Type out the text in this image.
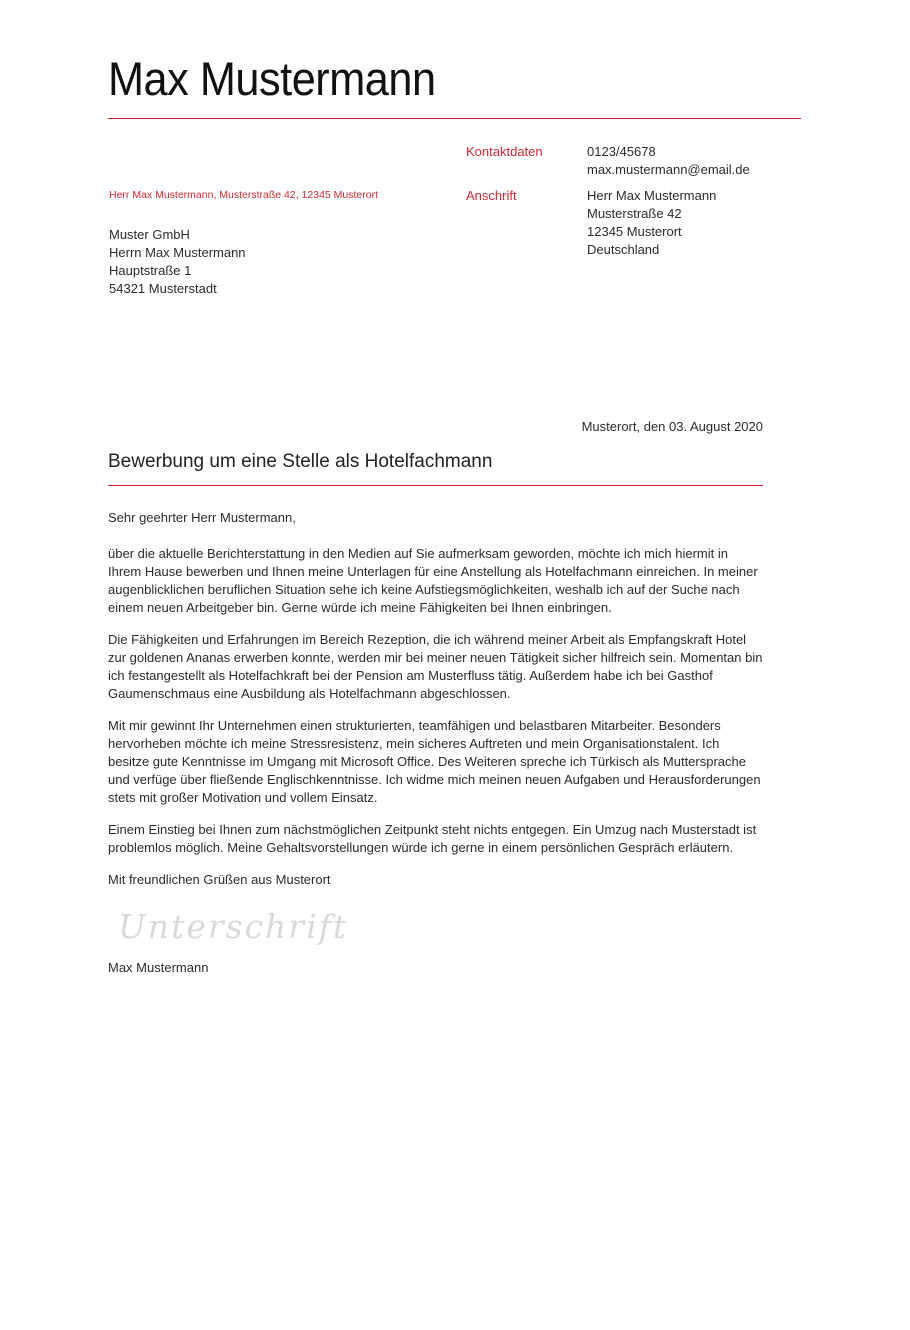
Max Mustermann
Kontaktdaten	0123/45678
max.mustermann@email.de
Anschrift	Herr Max Mustermann
Musterstraße 42
12345 Musterort
Deutschland
Herr Max Mustermann, Musterstraße 42, 12345 Musterort
Muster GmbH
Herrn Max Mustermann
Hauptstraße 1
54321 Musterstadt
Musterort, den 03. August 2020
Bewerbung um eine Stelle als Hotelfachmann
Sehr geehrter Herr Mustermann,
über die aktuelle Berichterstattung in den Medien auf Sie aufmerksam geworden, möchte ich mich hiermit in
Ihrem Hause bewerben und Ihnen meine Unterlagen für eine Anstellung als Hotelfachmann einreichen. In meiner
augenblicklichen beruflichen Situation sehe ich keine Aufstiegsmöglichkeiten, weshalb ich auf der Suche nach
einem neuen Arbeitgeber bin. Gerne würde ich meine Fähigkeiten bei Ihnen einbringen.
Die Fähigkeiten und Erfahrungen im Bereich Rezeption, die ich während meiner Arbeit als Empfangskraft Hotel
zur goldenen Ananas erwerben konnte, werden mir bei meiner neuen Tätigkeit sicher hilfreich sein. Momentan bin
ich festangestellt als Hotelfachkraft bei der Pension am Musterfluss tätig. Außerdem habe ich bei Gasthof
Gaumenschmaus eine Ausbildung als Hotelfachmann abgeschlossen.
Mit mir gewinnt Ihr Unternehmen einen strukturierten, teamfähigen und belastbaren Mitarbeiter. Besonders
hervorheben möchte ich meine Stressresistenz, mein sicheres Auftreten und mein Organisationstalent. Ich
besitze gute Kenntnisse im Umgang mit Microsoft Office. Des Weiteren spreche ich Türkisch als Muttersprache
und verfüge über fließende Englischkenntnisse. Ich widme mich meinen neuen Aufgaben und Herausforderungen
stets mit großer Motivation und vollem Einsatz.
Einem Einstieg bei Ihnen zum nächstmöglichen Zeitpunkt steht nichts entgegen. Ein Umzug nach Musterstadt ist
problemlos möglich. Meine Gehaltsvorstellungen würde ich gerne in einem persönlichen Gespräch erläutern.
Mit freundlichen Grüßen aus Musterort
Unterschrift
Max Mustermann
